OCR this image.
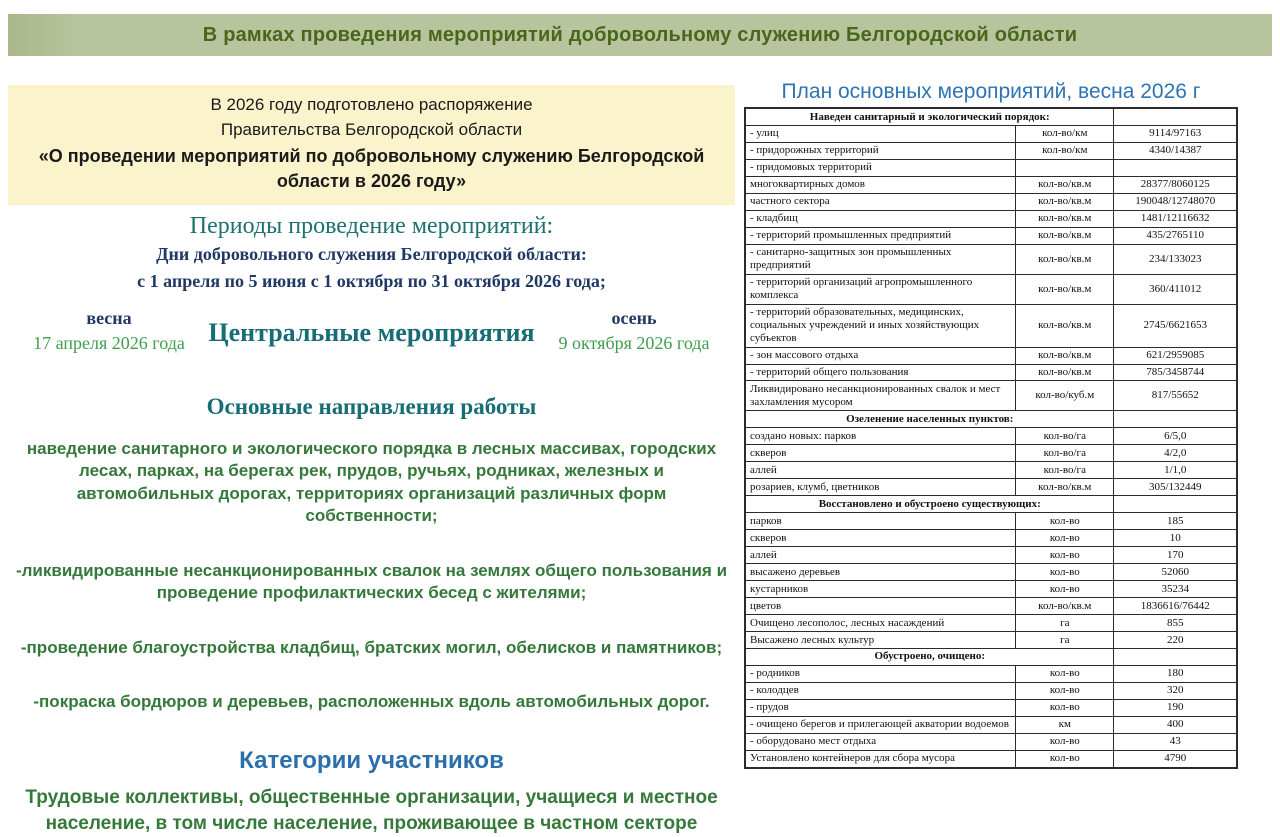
В рамках проведения мероприятий добровольному служению Белгородской области
В 2026 году подготовлено распоряжение
Правительства Белгородской области
«О проведении мероприятий по добровольному служению Белгородской области в 2026 году»
Периоды проведение мероприятий:
Дни добровольного служения Белгородской области:
с 1 апреля по 5 июня с 1 октября по 31 октября 2026 года;
весна
17 апреля 2026 года Центральные мероприятия	осень
9 октября 2026 года
Основные направления работы
наведение санитарного и экологического порядка в лесных массивах, городских лесах, парках, на берегах рек, прудов, ручьях, родниках, железных и автомобильных дорогах, территориях организаций различных форм собственности;
-ликвидированные несанкционированных свалок на землях общего пользования и проведение профилактических бесед с жителями;
-проведение благоустройства кладбищ, братских могил, обелисков и памятников;
-покраска бордюров и деревьев, расположенных вдоль автомобильных дорог.
Категории участников
Трудовые коллективы, общественные организации, учащиеся и местное население, в том числе население, проживающее в частном секторе
План основных мероприятий, весна 2026 г
Наведен санитарный и экологический порядок:		
- улиц	кол-во/км	9114/97163
- придорожных территорий	кол-во/км	4340/14387
- придомовых территорий		
многоквартирных домов	кол-во/кв.м	28377/8060125
частного сектора	кол-во/кв.м	190048/12748070
- кладбищ	кол-во/кв.м	1481/12116632
- территорий промышленных предприятий	кол-во/кв.м	435/2765110
- санитарно-защитных зон промышленных предприятий	кол-во/кв.м	234/133023
- территорий организаций агропромышленного комплекса	кол-во/кв.м	360/411012
- территорий образовательных, медицинских, социальных учреждений и иных хозяйствующих субъектов	кол-во/кв.м	2745/6621653
- зон массового отдыха	кол-во/кв.м	621/2959085
- территорий общего пользования	кол-во/кв.м	785/3458744
Ликвидировано несанкционированных свалок и мест захламления мусором	кол-во/куб.м	817/55652
Озеленение населенных пунктов:		
создано новых: парков	кол-во/га	6/5,0
скверов	кол-во/га	4/2,0
аллей	кол-во/га	1/1,0
розариев, клумб, цветников	кол-во/кв.м	305/132449
Восстановлено и обустроено существующих:		
парков	кол-во	185
скверов	кол-во	10
аллей	кол-во	170
высажено деревьев	кол-во	52060
кустарников	кол-во	35234
цветов	кол-во/кв.м	1836616/76442
Очищено лесополос, лесных насаждений	га	855
Высажено лесных культур	га	220
Обустроено, очищено:		
- родников	кол-во	180
- колодцев	кол-во	320
- прудов	кол-во	190
- очищено берегов и прилегающей акватории водоемов	км	400
- оборудовано мест отдыха	кол-во	43
Установлено контейнеров для сбора мусора	кол-во	4790
